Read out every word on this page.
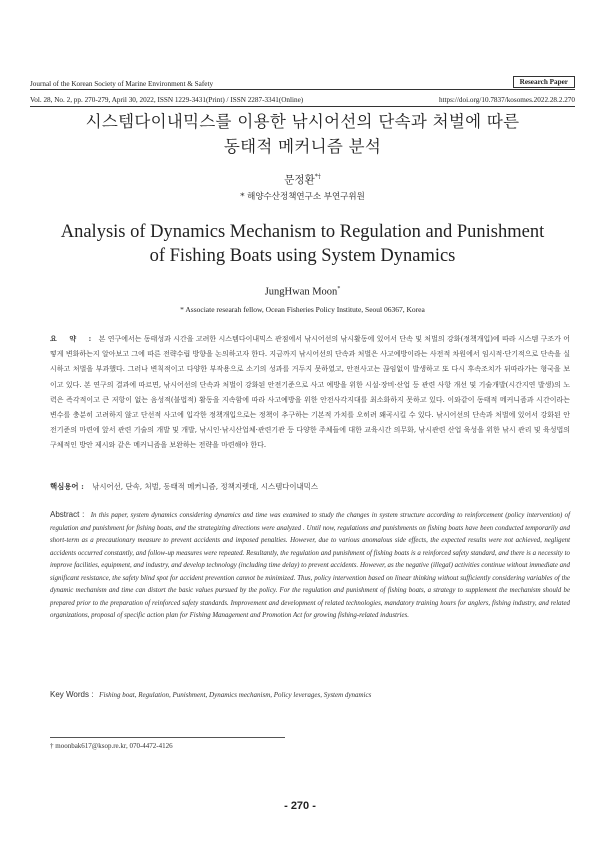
Journal of the Korean Society of Marine Environment & Safety	Research Paper
Vol. 28, No. 2, pp. 270-279, April 30, 2022, ISSN 1229-3431(Print) / ISSN 2287-3341(Online)	https://doi.org/10.7837/kosomes.2022.28.2.270
시스템다이내믹스를 이용한 낚시어선의 단속과 처벌에 따른
동태적 메커니즘 분석
문정환*†
* 해양수산정책연구소 부연구위원
Analysis of Dynamics Mechanism to Regulation and Punishment
of Fishing Boats using System Dynamics
JungHwan Moon*
* Associate researah fellow, Ocean Fisheries Policy Institute, Seoul 06367, Korea
요 약 : 본 연구에서는 동태성과 시간을 고려한 시스템다이내믹스 관점에서 낚시어선의 낚시활동에 있어서 단속 및 처벌의 강화(정책개입)에 따라 시스템 구조가 어떻게 변화하는지 알아보고 그에 따른 전략수립 방향을 논의하고자 한다. 지금까지 낚시어선의 단속과 처벌은 사고예방이라는 사전적 차원에서 임시적·단기적으로 단속을 실시하고 처벌을 부과했다. 그러나 변칙적이고 다양한 부작용으로 소기의 성과를 거두지 못하였고, 안전사고는 끊임없이 발생하고 또 다시 후속조치가 뒤따라가는 형국을 보이고 있다. 본 연구의 결과에 따르면, 낚시어선의 단속과 처벌이 강화된 안전기준으로 사고 예방을 위한 시설·장비·산업 등 관련 사항 개선 및 기술개발(시간지연 발생)의 노력은 즉각적이고 큰 저항이 없는 음성적(불법적) 활동을 지속함에 따라 사고예방을 위한 안전사각지대를 최소화하지 못하고 있다. 이와같이 동태적 메커니즘과 시간이라는 변수를 충분히 고려하지 않고 단선적 사고에 입각한 정책개입으로는 정책이 추구하는 기본적 가치를 오히려 왜곡시킬 수 있다. 낚시어선의 단속과 처벌에 있어서 강화된 안전기준의 마련에 앞서 관련 기술의 개발 및 개발, 낚시인·낚시산업체·관련기관 등 다양한 주체들에 대한 교육시간 의무화, 낚시관련 산업 육성을 위한 낚시 관리 및 육성법의 구체적인 방안 제시와 같은 메커니즘을 보완하는 전략을 마련해야 한다.
핵심용어 : 낚시어선, 단속, 처벌, 동태적 메커니즘, 정책지렛대, 시스템다이내믹스
Abstract : In this paper, system dynamics considering dynamics and time was examined to study the changes in system structure according to reinforcement (policy intervention) of regulation and punishment for fishing boats, and the strategizing directions were analyzed . Until now, regulations and punishments on fishing boats have been conducted temporarily and short-term as a precautionary measure to prevent accidents and imposed penalties. However, due to various anomalous side effects, the expected results were not achieved, negligent accidents occurred constantly, and follow-up measures were repeated. Resultantly, the regulation and punishment of fishing boats is a reinforced safety standard, and there is a necessity to improve facilities, equipment, and industry, and develop technology (including time delay) to prevent accidents. However, as the negative (illegal) activities continue without immediate and significant resistance, the safety blind spot for accident prevention cannot be minimized. Thus, policy intervention based on linear thinking without sufficiently considering variables of the dynamic mechanism and time can distort the basic values pursued by the policy. For the regulation and punishment of fishing boats, a strategy to supplement the mechanism should be prepared prior to the preparation of reinforced safety standards. Improvement and development of related technologies, mandatory training hours for anglers, fishing industry, and related organizations, proposal of specific action plan for Fishing Management and Promotion Act for growing fishing-related industries.
Key Words : Fishing boat, Regulation, Punishment, Dynamics mechanism, Policy leverages, System dynamics
† moonbak617@ksop.re.kr, 070-4472-4126
- 270 -
